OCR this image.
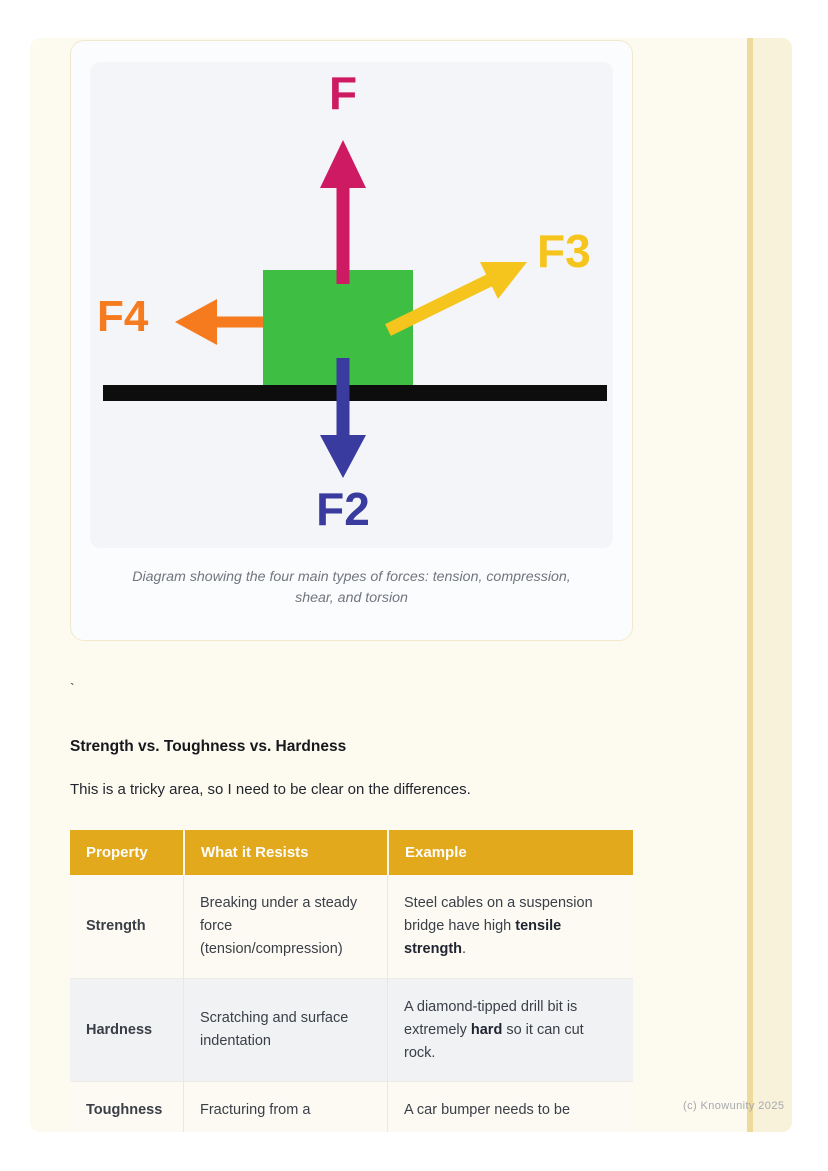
F
F2
F3
F4
Diagram showing the four main types of forces: tension, compression, shear, and torsion

`

Strength vs. Toughness vs. Hardness

This is a tricky area, so I need to be clear on the differences.

Property	What it Resists	Example
Strength	Breaking under a steady force (tension/compression)	Steel cables on a suspension bridge have high tensile strength.
Hardness	Scratching and surface indentation	A diamond-tipped drill bit is extremely hard so it can cut rock.
Toughness	Fracturing from a	A car bumper needs to be	(c) Knowunity 2025
